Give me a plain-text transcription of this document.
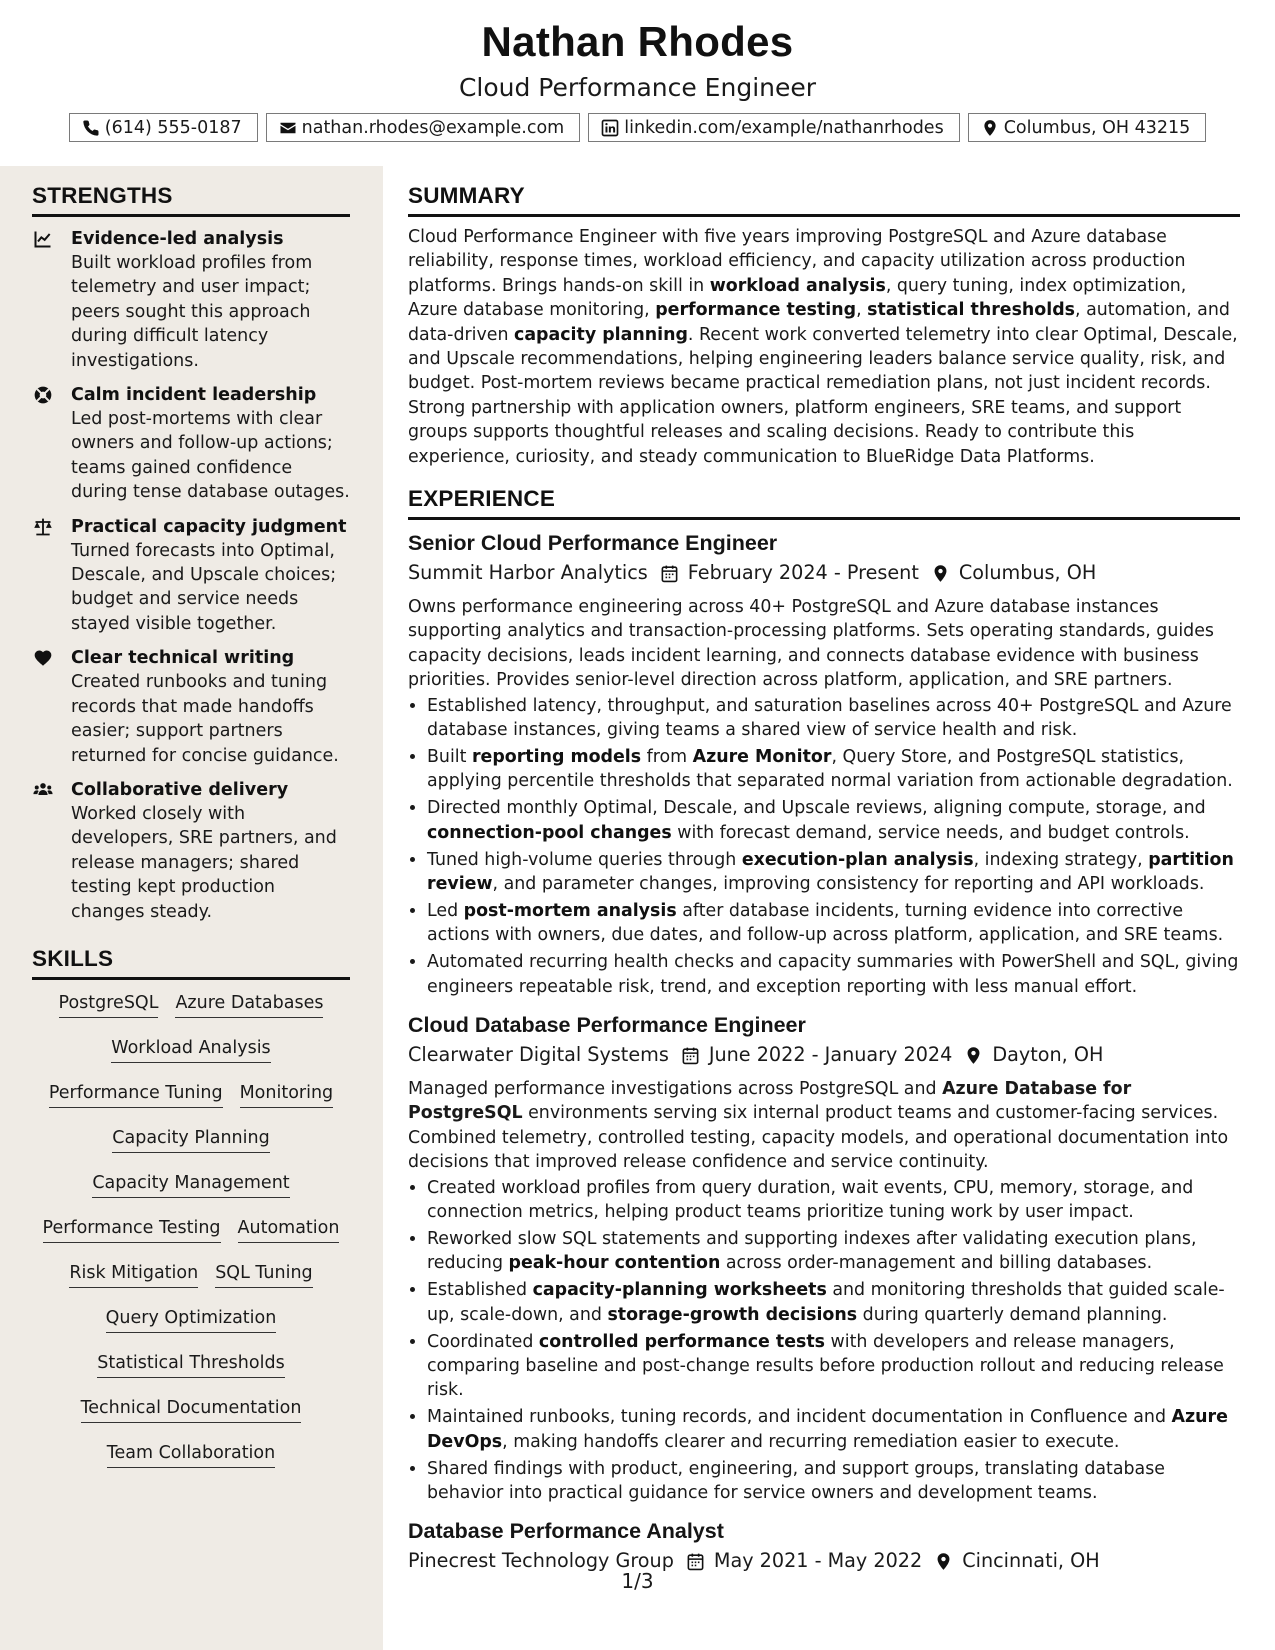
Nathan Rhodes
Cloud Performance Engineer
(614) 555-0187	nathan.rhodes@example.com	linkedin.com/example/nathanrhodes	Columbus, OH 43215
STRENGTHS
Evidence-led analysis
Built workload profiles from telemetry and user impact; peers sought this approach during difficult latency investigations.
Calm incident leadership
Led post-mortems with clear owners and follow-up actions; teams gained confidence during tense database outages.
Practical capacity judgment
Turned forecasts into Optimal, Descale, and Upscale choices; budget and service needs stayed visible together.
Clear technical writing
Created runbooks and tuning records that made handoffs easier; support partners returned for concise guidance.
Collaborative delivery
Worked closely with developers, SRE partners, and release managers; shared testing kept production changes steady.
SKILLS
PostgreSQL Azure Databases
Workload Analysis
Performance Tuning Monitoring
Capacity Planning
Capacity Management
Performance Testing Automation
Risk Mitigation SQL Tuning
Query Optimization
Statistical Thresholds
Technical Documentation
Team Collaboration
SUMMARY
Cloud Performance Engineer with five years improving PostgreSQL and Azure database reliability, response times, workload efficiency, and capacity utilization across production platforms. Brings hands-on skill in workload analysis, query tuning, index optimization, Azure database monitoring, performance testing, statistical thresholds, automation, and data-driven capacity planning. Recent work converted telemetry into clear Optimal, Descale, and Upscale recommendations, helping engineering leaders balance service quality, risk, and budget. Post-mortem reviews became practical remediation plans, not just incident records. Strong partnership with application owners, platform engineers, SRE teams, and support groups supports thoughtful releases and scaling decisions. Ready to contribute this experience, curiosity, and steady communication to BlueRidge Data Platforms.
EXPERIENCE
Senior Cloud Performance Engineer
Summit Harbor Analytics February 2024 - Present Columbus, OH
Owns performance engineering across 40+ PostgreSQL and Azure database instances supporting analytics and transaction-processing platforms. Sets operating standards, guides capacity decisions, leads incident learning, and connects database evidence with business priorities. Provides senior-level direction across platform, application, and SRE partners.
• Established latency, throughput, and saturation baselines across 40+ PostgreSQL and Azure database instances, giving teams a shared view of service health and risk.
• Built reporting models from Azure Monitor, Query Store, and PostgreSQL statistics, applying percentile thresholds that separated normal variation from actionable degradation.
• Directed monthly Optimal, Descale, and Upscale reviews, aligning compute, storage, and connection-pool changes with forecast demand, service needs, and budget controls.
• Tuned high-volume queries through execution-plan analysis, indexing strategy, partition review, and parameter changes, improving consistency for reporting and API workloads.
• Led post-mortem analysis after database incidents, turning evidence into corrective actions with owners, due dates, and follow-up across platform, application, and SRE teams.
• Automated recurring health checks and capacity summaries with PowerShell and SQL, giving engineers repeatable risk, trend, and exception reporting with less manual effort.
Cloud Database Performance Engineer
Clearwater Digital Systems June 2022 - January 2024 Dayton, OH
Managed performance investigations across PostgreSQL and Azure Database for PostgreSQL environments serving six internal product teams and customer-facing services. Combined telemetry, controlled testing, capacity models, and operational documentation into decisions that improved release confidence and service continuity.
• Created workload profiles from query duration, wait events, CPU, memory, storage, and connection metrics, helping product teams prioritize tuning work by user impact.
• Reworked slow SQL statements and supporting indexes after validating execution plans, reducing peak-hour contention across order-management and billing databases.
• Established capacity-planning worksheets and monitoring thresholds that guided scale-up, scale-down, and storage-growth decisions during quarterly demand planning.
• Coordinated controlled performance tests with developers and release managers, comparing baseline and post-change results before production rollout and reducing release risk.
• Maintained runbooks, tuning records, and incident documentation in Confluence and Azure DevOps, making handoffs clearer and recurring remediation easier to execute.
• Shared findings with product, engineering, and support groups, translating database behavior into practical guidance for service owners and development teams.
Database Performance Analyst
Pinecrest Technology Group May 2021 - May 2022 Cincinnati, OH
1/3
